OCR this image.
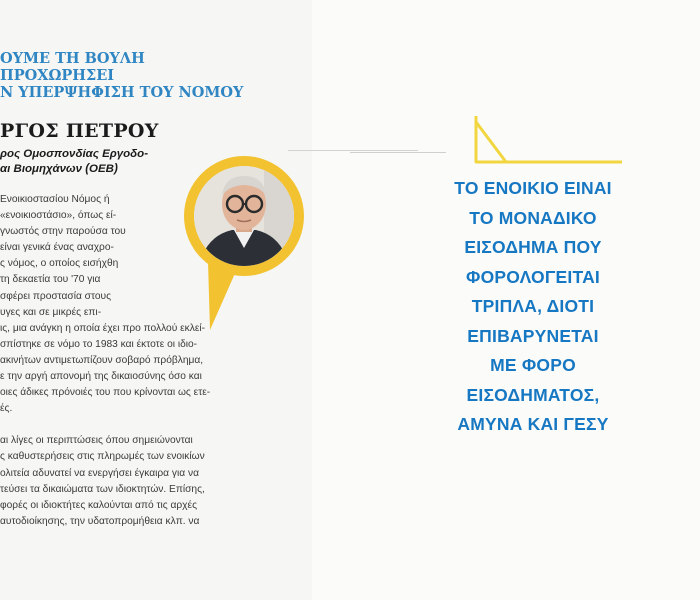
ΟΥΜΕ ΤΗ ΒΟΥΛΗ
ΠΡΟΧΩΡΗΣΕΙ
Ν ΥΠΕΡΨΗΦΙΣΗ ΤΟΥ ΝΟΜΟΥ
ΡΓΟΣ ΠΕΤΡΟΥ
ρος Ομοσπονδίας Εργοδο-
αι Βιομηχάνων (ΟΕΒ)
Ενοικιοστασίου Νόμος ή
«ενοικιοστάσιο», όπως εί-
γνωστός στην παρούσα του
είναι γενικά ένας αναχρο-
ς νόμος, ο οποίος εισήχθη
τη δεκαετία του '70 για
σφέρει προστασία στους
υγες και σε μικρές επι-
ις, μια ανάγκη η οποία έχει προ πολλού εκλεί-
σπίστηκε σε νόμο το 1983 και έκτοτε οι ιδιο-
ακινήτων αντιμετωπίζουν σοβαρό πρόβλημα,
ε την αργή απονομή της δικαιοσύνης όσο και
οιες άδικες πρόνοιές του που κρίνονται ως ετε-
ές.
αι λίγες οι περιπτώσεις όπου σημειώνονται
ς καθυστερήσεις στις πληρωμές των ενοικίων
ολιτεία αδυνατεί να ενεργήσει έγκαιρα για να
τεύσει τα δικαιώματα των ιδιοκτητών. Επίσης,
φορές οι ιδιοκτήτες καλούνται από τις αρχές
αυτοδιοίκησης, την υδατοπρομήθεια κλπ. να
ΤΟ ΕΝΟΙΚΙΟ ΕΙΝΑΙ
ΤΟ ΜΟΝΑΔΙΚΟ
ΕΙΣΟΔΗΜΑ ΠΟΥ
ΦΟΡΟΛΟΓΕΙΤΑΙ
ΤΡΙΠΛΑ, ΔΙΟΤΙ
ΕΠΙΒΑΡΥΝΕΤΑΙ
ΜΕ ΦΟΡΟ
ΕΙΣΟΔΗΜΑΤΟΣ,
ΑΜΥΝΑ ΚΑΙ ΓΕΣΥ
